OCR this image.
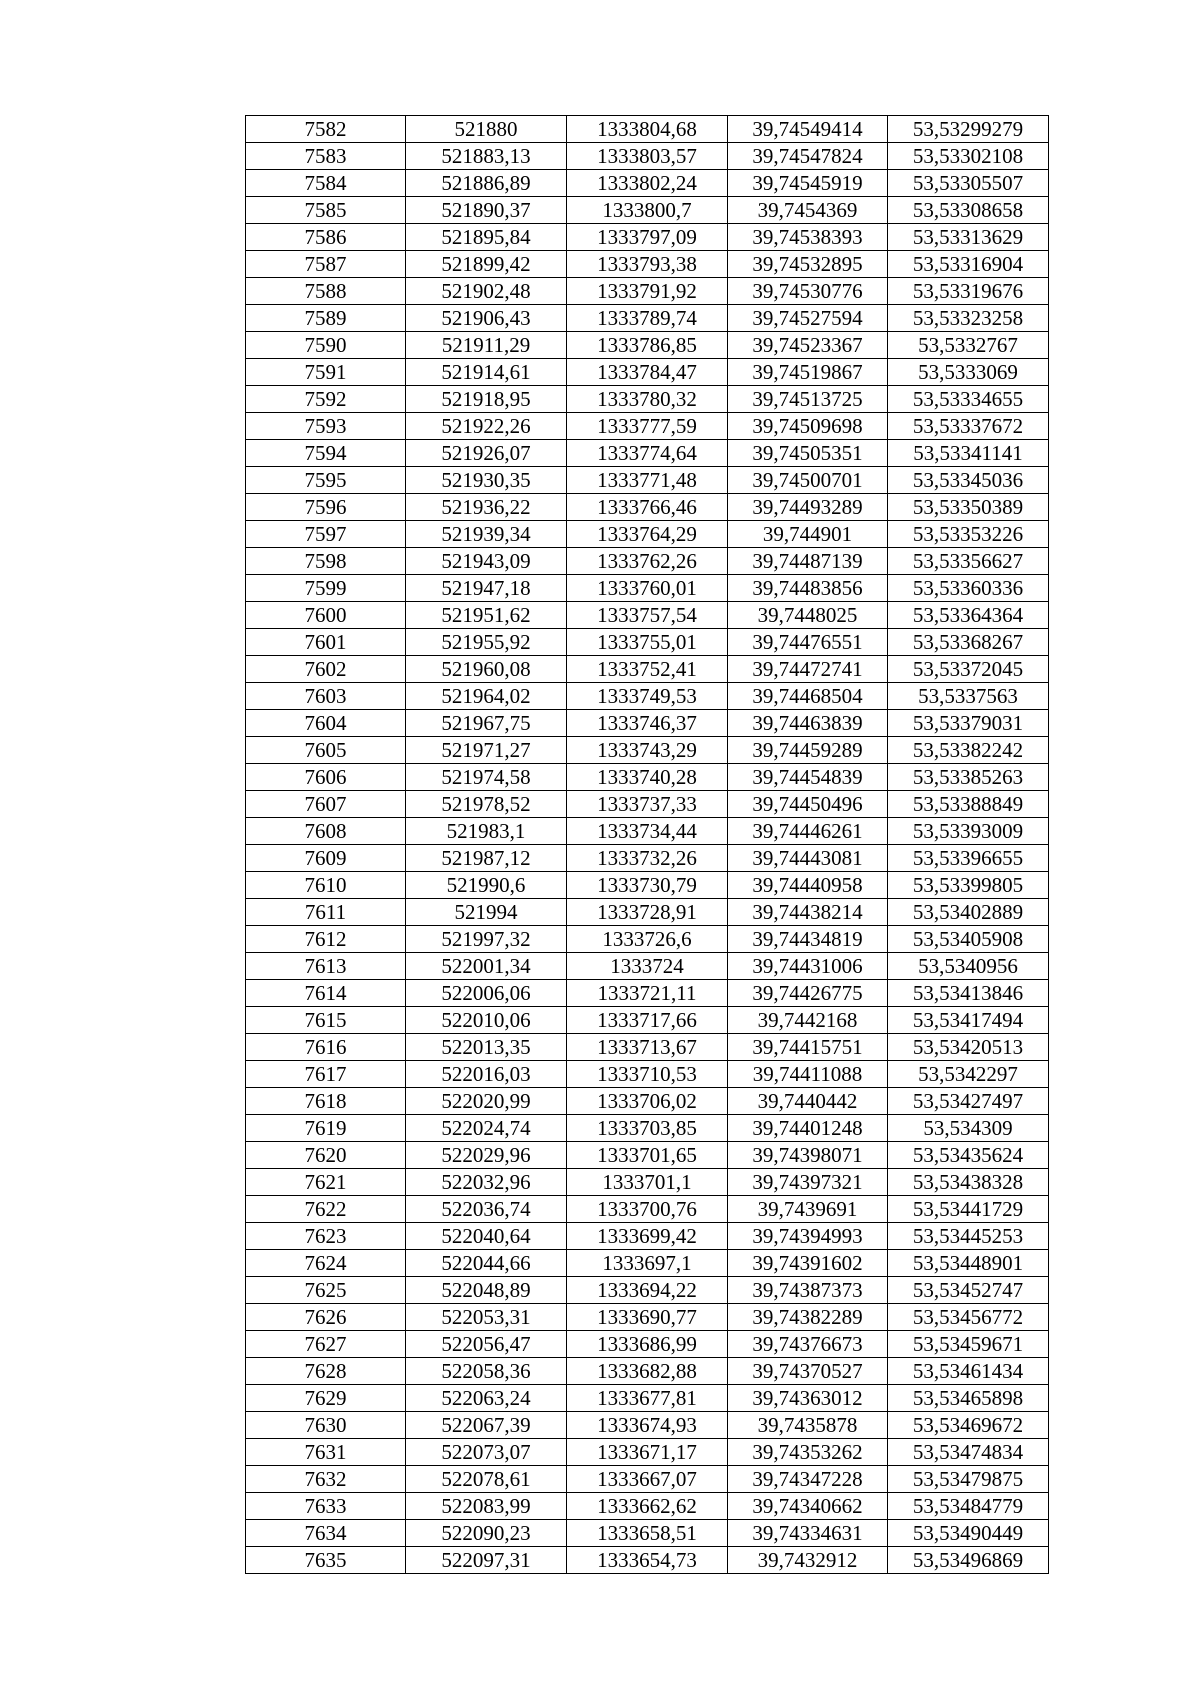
7582	521880	1333804,68	39,74549414	53,53299279
7583	521883,13	1333803,57	39,74547824	53,53302108
7584	521886,89	1333802,24	39,74545919	53,53305507
7585	521890,37	1333800,7	39,7454369	53,53308658
7586	521895,84	1333797,09	39,74538393	53,53313629
7587	521899,42	1333793,38	39,74532895	53,53316904
7588	521902,48	1333791,92	39,74530776	53,53319676
7589	521906,43	1333789,74	39,74527594	53,53323258
7590	521911,29	1333786,85	39,74523367	53,5332767
7591	521914,61	1333784,47	39,74519867	53,5333069
7592	521918,95	1333780,32	39,74513725	53,53334655
7593	521922,26	1333777,59	39,74509698	53,53337672
7594	521926,07	1333774,64	39,74505351	53,53341141
7595	521930,35	1333771,48	39,74500701	53,53345036
7596	521936,22	1333766,46	39,74493289	53,53350389
7597	521939,34	1333764,29	39,744901	53,53353226
7598	521943,09	1333762,26	39,74487139	53,53356627
7599	521947,18	1333760,01	39,74483856	53,53360336
7600	521951,62	1333757,54	39,7448025	53,53364364
7601	521955,92	1333755,01	39,74476551	53,53368267
7602	521960,08	1333752,41	39,74472741	53,53372045
7603	521964,02	1333749,53	39,74468504	53,5337563
7604	521967,75	1333746,37	39,74463839	53,53379031
7605	521971,27	1333743,29	39,74459289	53,53382242
7606	521974,58	1333740,28	39,74454839	53,53385263
7607	521978,52	1333737,33	39,74450496	53,53388849
7608	521983,1	1333734,44	39,74446261	53,53393009
7609	521987,12	1333732,26	39,74443081	53,53396655
7610	521990,6	1333730,79	39,74440958	53,53399805
7611	521994	1333728,91	39,74438214	53,53402889
7612	521997,32	1333726,6	39,74434819	53,53405908
7613	522001,34	1333724	39,74431006	53,5340956
7614	522006,06	1333721,11	39,74426775	53,53413846
7615	522010,06	1333717,66	39,7442168	53,53417494
7616	522013,35	1333713,67	39,74415751	53,53420513
7617	522016,03	1333710,53	39,74411088	53,5342297
7618	522020,99	1333706,02	39,7440442	53,53427497
7619	522024,74	1333703,85	39,74401248	53,534309
7620	522029,96	1333701,65	39,74398071	53,53435624
7621	522032,96	1333701,1	39,74397321	53,53438328
7622	522036,74	1333700,76	39,7439691	53,53441729
7623	522040,64	1333699,42	39,74394993	53,53445253
7624	522044,66	1333697,1	39,74391602	53,53448901
7625	522048,89	1333694,22	39,74387373	53,53452747
7626	522053,31	1333690,77	39,74382289	53,53456772
7627	522056,47	1333686,99	39,74376673	53,53459671
7628	522058,36	1333682,88	39,74370527	53,53461434
7629	522063,24	1333677,81	39,74363012	53,53465898
7630	522067,39	1333674,93	39,7435878	53,53469672
7631	522073,07	1333671,17	39,74353262	53,53474834
7632	522078,61	1333667,07	39,74347228	53,53479875
7633	522083,99	1333662,62	39,74340662	53,53484779
7634	522090,23	1333658,51	39,74334631	53,53490449
7635	522097,31	1333654,73	39,7432912	53,53496869
